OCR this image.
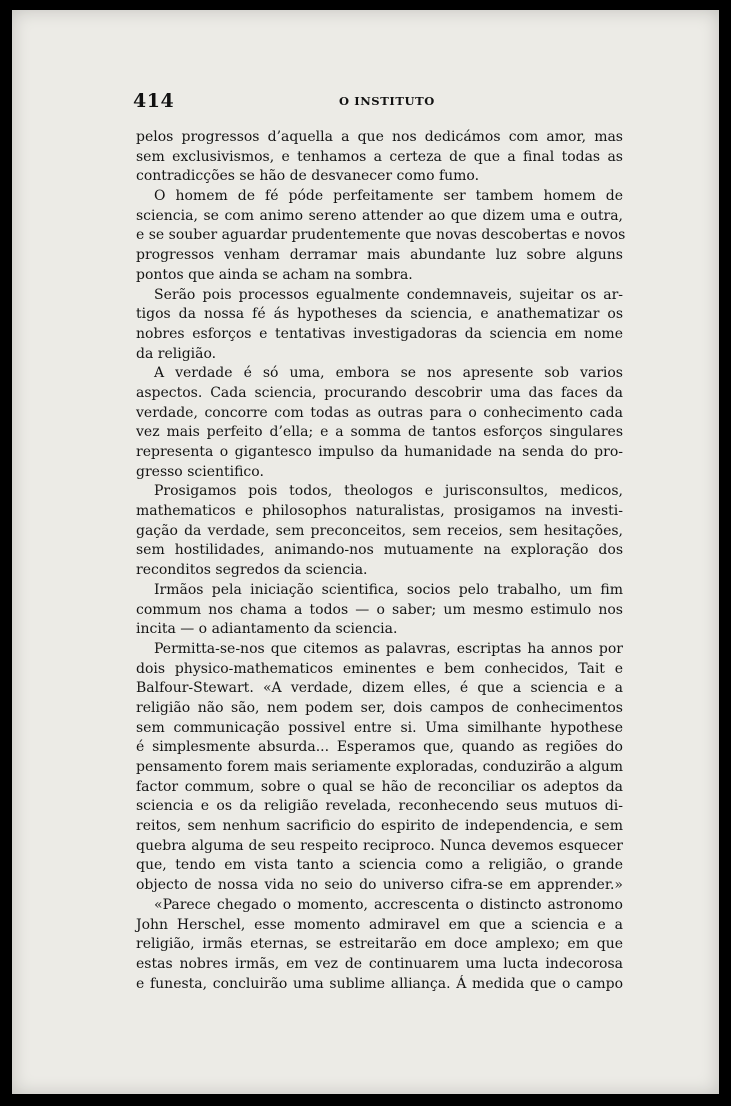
414	O INSTITUTO
pelos progressos d’aquella a que nos dedicámos com amor, mas
sem exclusivismos, e tenhamos a certeza de que a final todas as
contradicções se hão de desvanecer como fumo.
O homem de fé póde perfeitamente ser tambem homem de
sciencia, se com animo sereno attender ao que dizem uma e outra,
e se souber aguardar prudentemente que novas descobertas e novos
progressos venham derramar mais abundante luz sobre alguns
pontos que ainda se acham na sombra.
Serão pois processos egualmente condemnaveis, sujeitar os ar-
tigos da nossa fé ás hypotheses da sciencia, e anathematizar os
nobres esforços e tentativas investigadoras da sciencia em nome
da religião.
A verdade é só uma, embora se nos apresente sob varios
aspectos. Cada sciencia, procurando descobrir uma das faces da
verdade, concorre com todas as outras para o conhecimento cada
vez mais perfeito d’ella; e a somma de tantos esforços singulares
representa o gigantesco impulso da humanidade na senda do pro-
gresso scientifico.
Prosigamos pois todos, theologos e jurisconsultos, medicos,
mathematicos e philosophos naturalistas, prosigamos na investi-
gação da verdade, sem preconceitos, sem receios, sem hesitações,
sem hostilidades, animando-nos mutuamente na exploração dos
reconditos segredos da sciencia.
Irmãos pela iniciação scientifica, socios pelo trabalho, um fim
commum nos chama a todos — o saber; um mesmo estimulo nos
incita — o adiantamento da sciencia.
Permitta-se-nos que citemos as palavras, escriptas ha annos por
dois physico-mathematicos eminentes e bem conhecidos, Tait e
Balfour-Stewart. «A verdade, dizem elles, é que a sciencia e a
religião não são, nem podem ser, dois campos de conhecimentos
sem communicação possivel entre si. Uma similhante hypothese
é simplesmente absurda... Esperamos que, quando as regiões do
pensamento forem mais seriamente exploradas, conduzirão a algum
factor commum, sobre o qual se hão de reconciliar os adeptos da
sciencia e os da religião revelada, reconhecendo seus mutuos di-
reitos, sem nenhum sacrificio do espirito de independencia, e sem
quebra alguma de seu respeito reciproco. Nunca devemos esquecer
que, tendo em vista tanto a sciencia como a religião, o grande
objecto de nossa vida no seio do universo cifra-se em apprender.»
«Parece chegado o momento, accrescenta o distincto astronomo
John Herschel, esse momento admiravel em que a sciencia e a
religião, irmãs eternas, se estreitarão em doce amplexo; em que
estas nobres irmãs, em vez de continuarem uma lucta indecorosa
e funesta, concluirão uma sublime alliança. Á medida que o campo
